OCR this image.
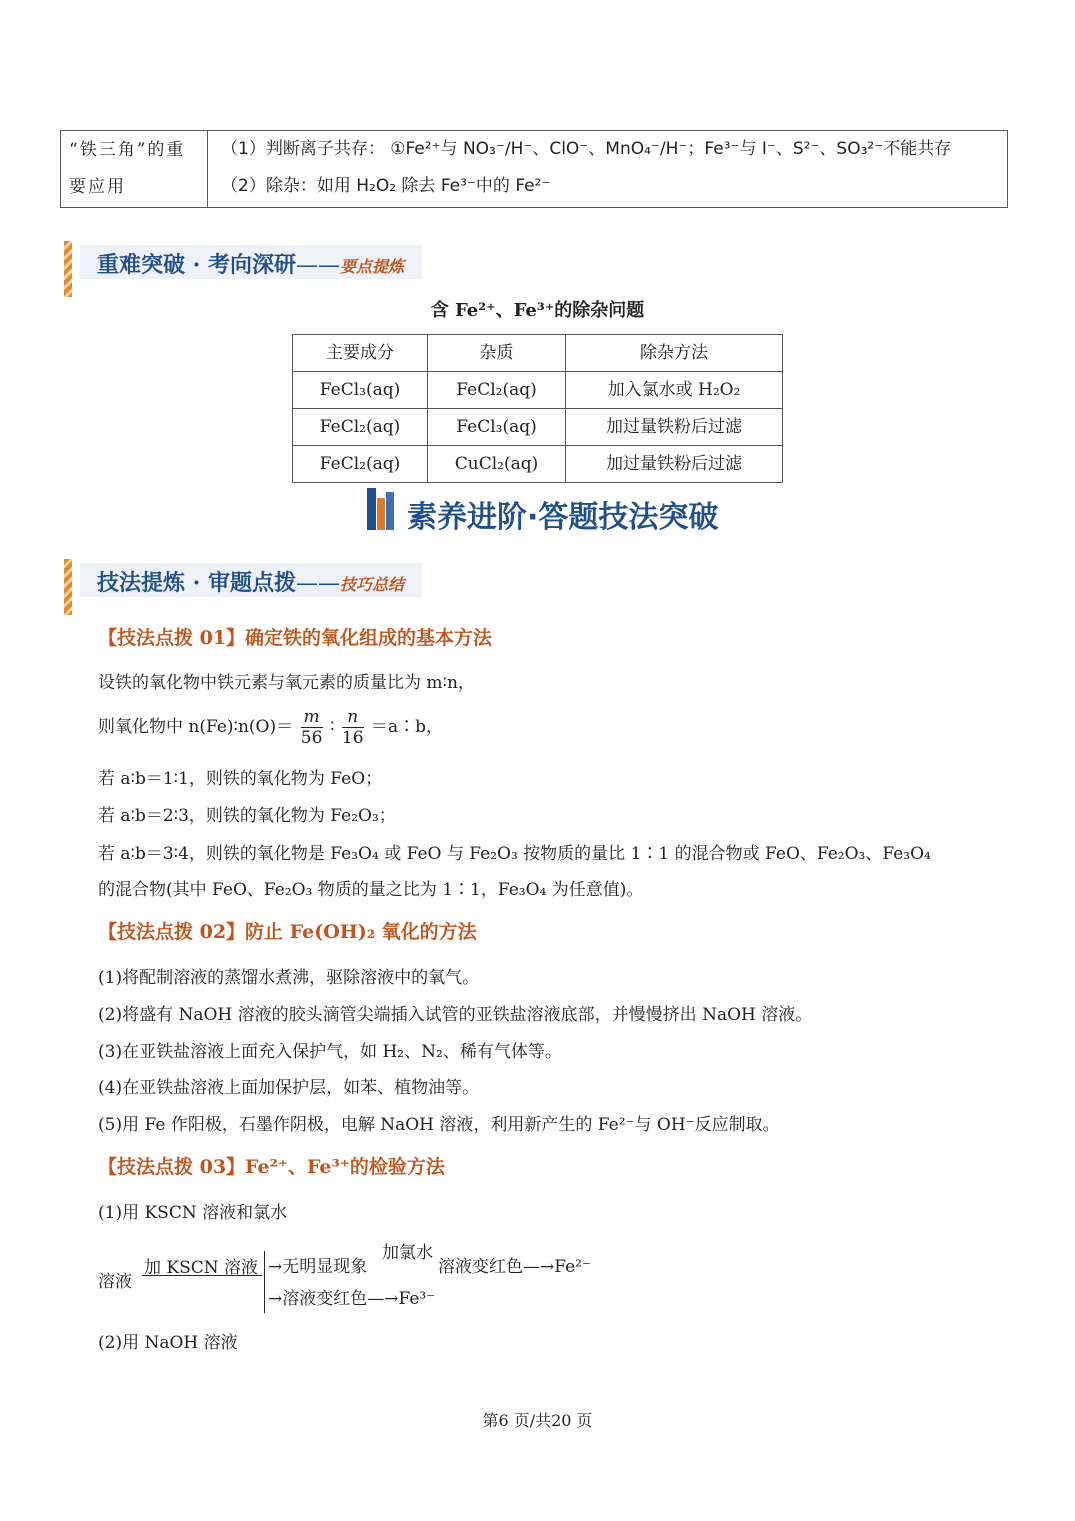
“铁三角”的重要应用
（1）判断离子共存： ①Fe²⁺与 NO₃⁻/H⁻、ClO⁻、MnO₄⁻/H⁻；Fe³⁻与 I⁻、S²⁻、SO₃²⁻不能共存
（2）除杂：如用 H₂O₂ 除去 Fe³⁻中的 Fe²⁻
重难突破 · 考向深研——要点提炼
含 Fe²⁺、Fe³⁺的除杂问题
主要成分	杂质	除杂方法
FeCl₃(aq)	FeCl₂(aq)	加入氯水或 H₂O₂
FeCl₂(aq)	FeCl₃(aq)	加过量铁粉后过滤
FeCl₂(aq)	CuCl₂(aq)	加过量铁粉后过滤
素养进阶·答题技法突破
技法提炼 · 审题点拨——技巧总结
【技法点拨 01】确定铁的氧化组成的基本方法
设铁的氧化物中铁元素与氧元素的质量比为 m∶n，
则氧化物中 n(Fe)∶n(O)＝ $\frac{m}{56}$ ∶ $\frac{n}{16}$ ＝a∶b，
若 a∶b＝1∶1，则铁的氧化物为 FeO；
若 a∶b＝2∶3，则铁的氧化物为 Fe₂O₃；
若 a∶b＝3∶4，则铁的氧化物是 Fe₃O₄ 或 FeO 与 Fe₂O₃ 按物质的量比 1∶1 的混合物或 FeO、Fe₂O₃、Fe₃O₄
的混合物(其中 FeO、Fe₂O₃ 物质的量之比为 1∶1，Fe₃O₄ 为任意值)。
【技法点拨 02】防止 Fe(OH)₂ 氧化的方法
(1)将配制溶液的蒸馏水煮沸，驱除溶液中的氧气。
(2)将盛有 NaOH 溶液的胶头滴管尖端插入试管的亚铁盐溶液底部，并慢慢挤出 NaOH 溶液。
(3)在亚铁盐溶液上面充入保护气，如 H₂、N₂、稀有气体等。
(4)在亚铁盐溶液上面加保护层，如苯、植物油等。
(5)用 Fe 作阳极，石墨作阴极，电解 NaOH 溶液，利用新产生的 Fe²⁻与 OH⁻反应制取。
【技法点拨 03】Fe²⁺、Fe³⁺的检验方法
(1)用 KSCN 溶液和氯水
溶液
加 KSCN 溶液 →无明显现象
加氯水
溶液变红色—→Fe²⁻
→溶液变红色—→Fe³⁻
(2)用 NaOH 溶液
第6 页/共20 页
